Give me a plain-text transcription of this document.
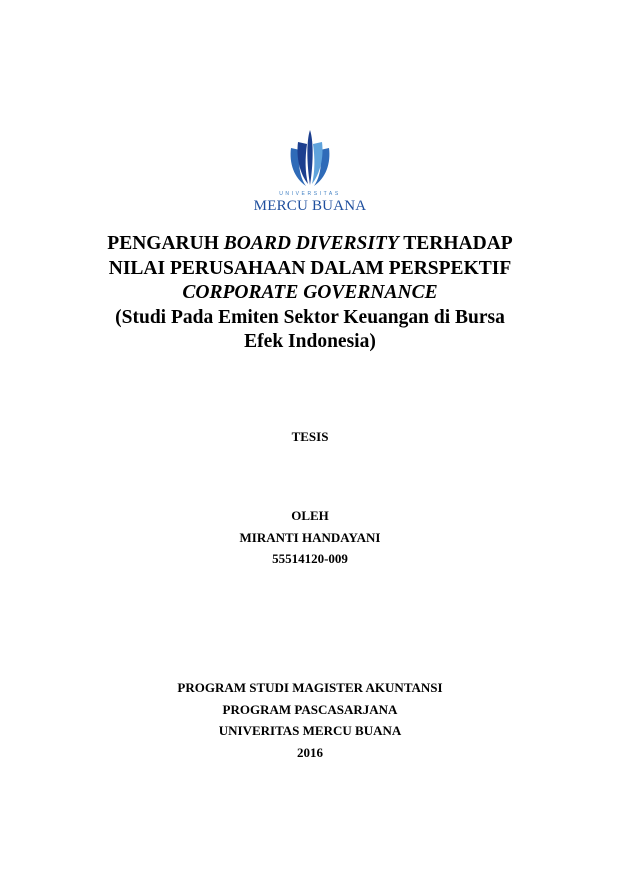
UNIVERSITAS
MERCU BUANA
PENGARUH BOARD DIVERSITY TERHADAP
NILAI PERUSAHAAN DALAM PERSPEKTIF
CORPORATE GOVERNANCE
(Studi Pada Emiten Sektor Keuangan di Bursa
Efek Indonesia)
TESIS
OLEH
MIRANTI HANDAYANI
55514120-009
PROGRAM STUDI MAGISTER AKUNTANSI
PROGRAM PASCASARJANA
UNIVERITAS MERCU BUANA
2016
